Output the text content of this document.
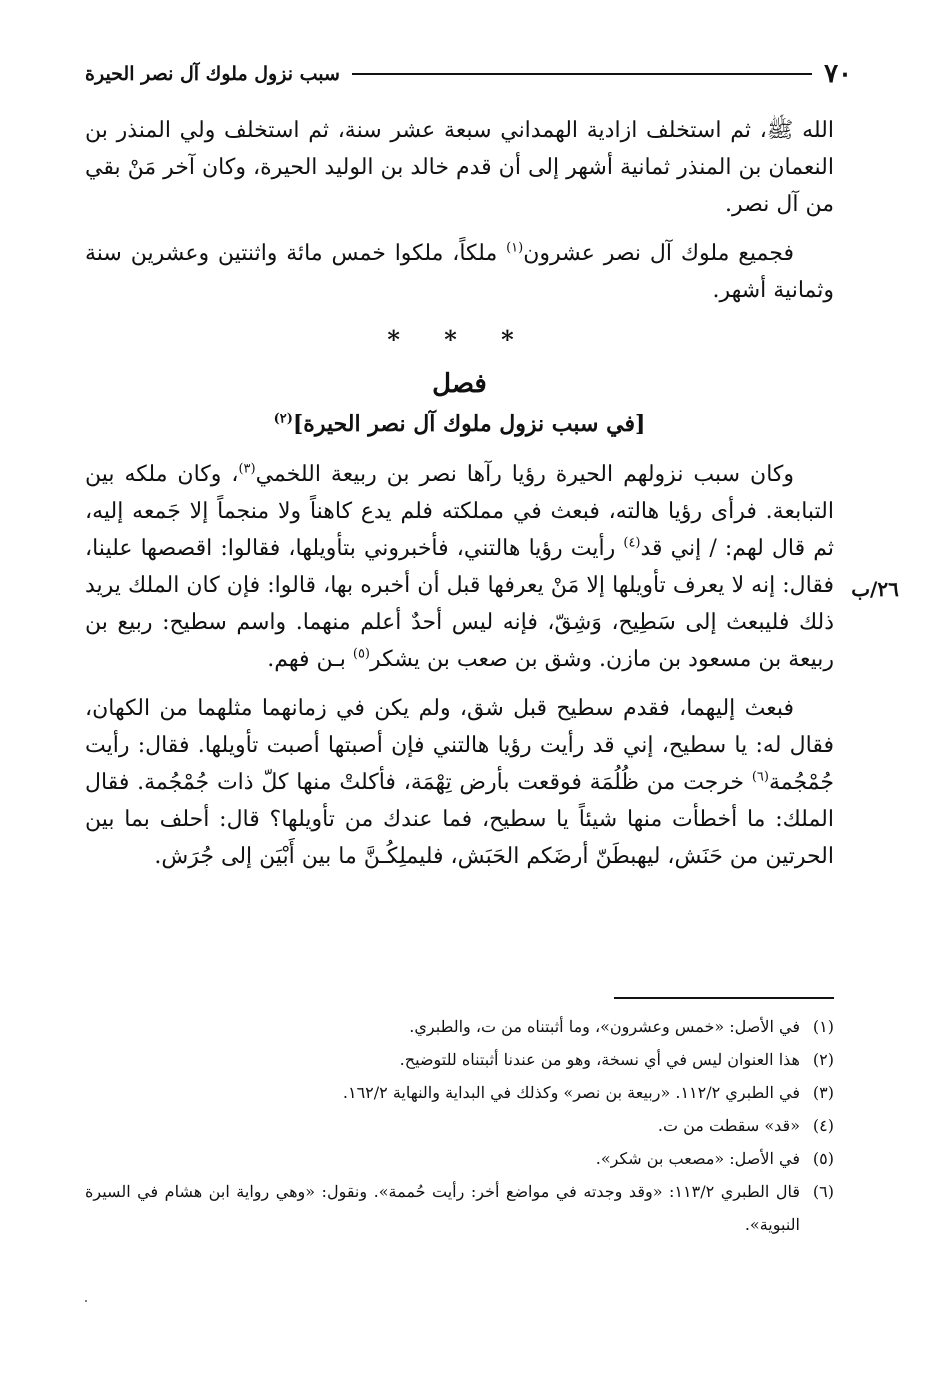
٧٠
سبب نزول ملوك آل نصر الحيرة

الله ﷺ، ثم استخلف ازادية الهمداني سبعة عشر سنة، ثم استخلف ولي المنذر بن النعمان بن المنذر ثمانية أشهر إلى أن قدم خالد بن الوليد الحيرة، وكان آخر مَنْ بقي من آل نصر.

فجميع ملوك آل نصر عشرون$^{(١)}$ ملكاً، ملكوا خمس مائة واثنتين وعشرين سنة وثمانية أشهر.

* * *
فصل
[في سبب نزول ملوك آل نصر الحيرة]$^{(٢)}$

وكان سبب نزولهم الحيرة رؤيا رآها نصر بن ربيعة اللخمي$^{(٣)}$، وكان ملكه بين التبابعة. فرأى رؤيا هالته، فبعث في مملكته فلم يدع كاهناً ولا منجماً إلا جَمعه إليه، ثم قال لهم: / إني قد$^{(٤)}$ رأيت رؤيا هالتني، فأخبروني بتأويلها، فقالوا: اقصصها علينا، فقال: إنه لا يعرف تأويلها إلا مَنْ يعرفها قبل أن أخبره بها، قالوا: فإن كان الملك يريد ذلك فليبعث إلى سَطِيح، وَشِقّ، فإنه ليس أحدٌ أعلم منهما. واسم سطيح: ربيع بن ربيعة بن مسعود بن مازن. وشق بن صعب بن يشكر$^{(٥)}$ بـن فهم.

فبعث إليهما، فقدم سطيح قبل شق، ولم يكن في زمانهما مثلهما من الكهان، فقال له: يا سطيح، إني قد رأيت رؤيا هالتني فإن أصبتها أصبت تأويلها. فقال: رأيت جُمْجُمة$^{(٦)}$ خرجت من ظُلُمَة فوقعت بأرض تِهْمَة، فأكلتْ منها كلّ ذات جُمْجُمة. فقال الملك: ما أخطأت منها شيئاً يا سطيح، فما عندك من تأويلها؟ قال: أحلف بما بين الحرتين من حَنَش، ليهبطَنّ أرضَكم الحَبَش، فليملِكُـنَّ ما بين أَبْيَن إلى جُرَش.

٢٦/ب

(١)
في الأصل: «خمس وعشرون»، وما أثبتناه من ت، والطبري.

(٢)
هذا العنوان ليس في أي نسخة، وهو من عندنا أثبتناه للتوضيح.

(٣)
في الطبري ١١٢/٢. «ربيعة بن نصر» وكذلك في البداية والنهاية ١٦٢/٢.

(٤)
«قد» سقطت من ت.

(٥)
في الأصل: «مصعب بن شكر».

(٦)
قال الطبري ١١٣/٢: «وقد وجدته في مواضع أخر: رأيت حُممة». ونقول: «وهي رواية ابن هشام في السيرة النبوية».
